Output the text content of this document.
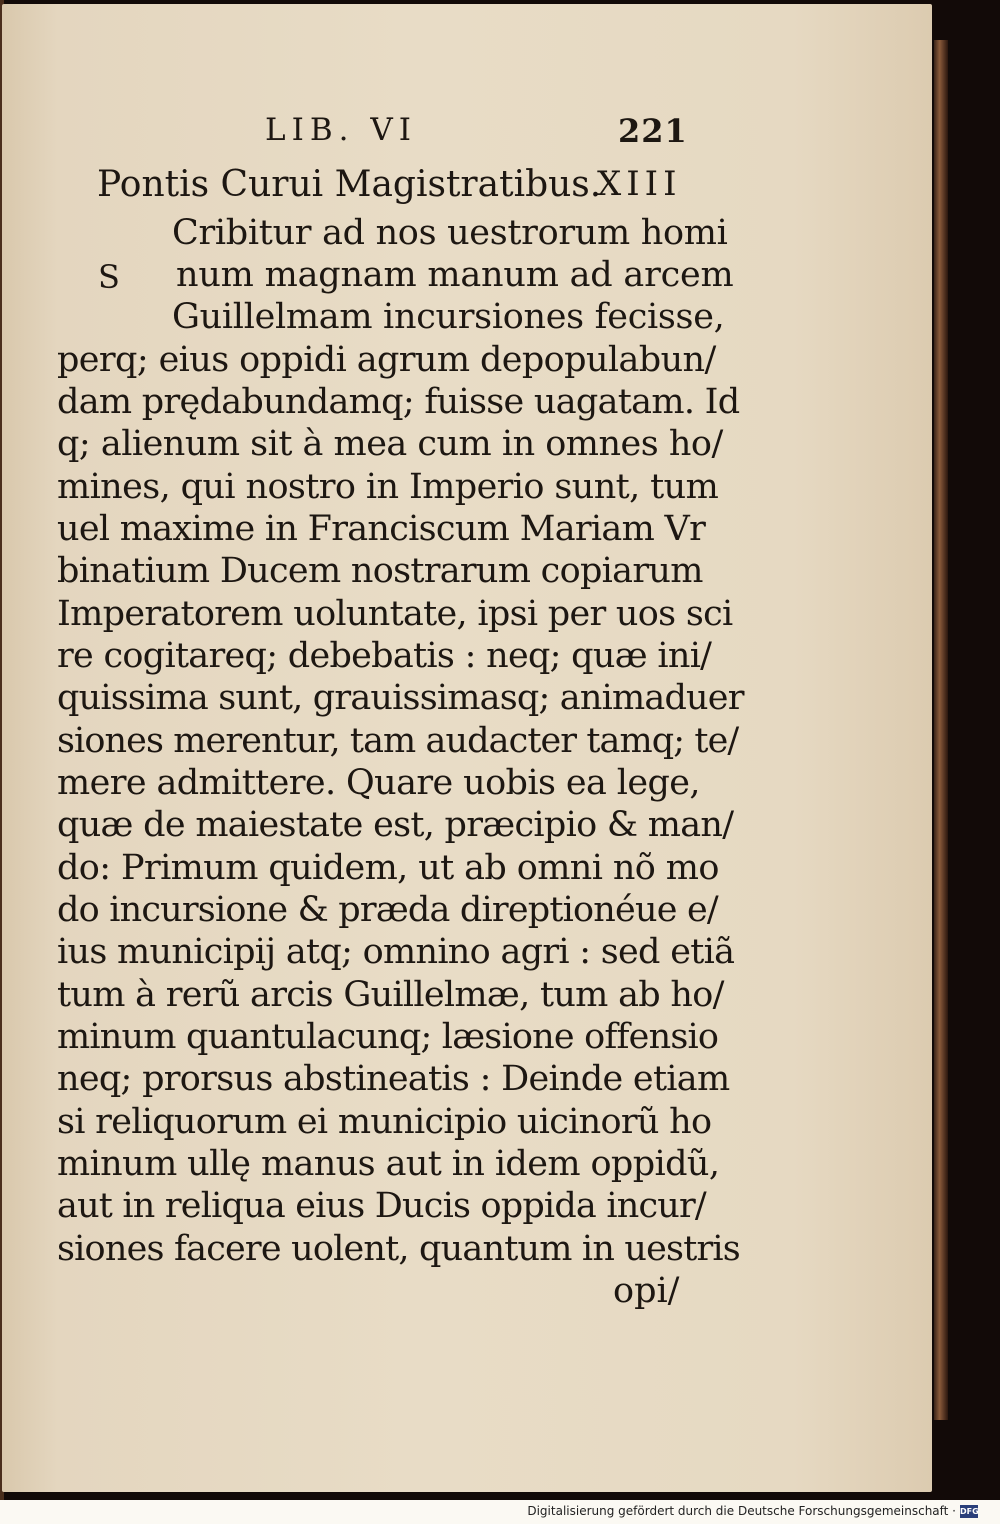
LIB. VI	221
Pontis Curui Magistratibus.
XIII
S
Cribitur ad nos uestrorum homi
num magnam manum ad arcem
Guillelmam incursiones fecisse,
perq; eius oppidi agrum depopulabun/
dam prędabundamq; fuisse uagatam. Id
q; alienum sit à mea cum in omnes ho/
mines, qui nostro in Imperio sunt, tum
uel maxime in Franciscum Mariam Vr
binatium Ducem nostrarum copiarum
Imperatorem uoluntate, ipsi per uos sci
re cogitareq; debebatis : neq; quæ ini/
quissima sunt, grauissimasq; animaduer
siones merentur, tam audacter tamq; te/
mere admittere. Quare uobis ea lege,
quæ de maiestate est, præcipio & man/
do: Primum quidem, ut ab omni nõ mo
do incursione & præda direptionéue e/
ius municipij atq; omnino agri : sed etiã
tum à rerũ arcis Guillelmæ, tum ab ho/
minum quantulacunq; læsione offensio
neq; prorsus abstineatis : Deinde etiam
si reliquorum ei municipio uicinorũ ho
minum ullę manus aut in idem oppidũ,
aut in reliqua eius Ducis oppida incur/
siones facere uolent, quantum in uestris
opi/
Digitalisierung gefördert durch die Deutsche Forschungsgemeinschaft · DFG
